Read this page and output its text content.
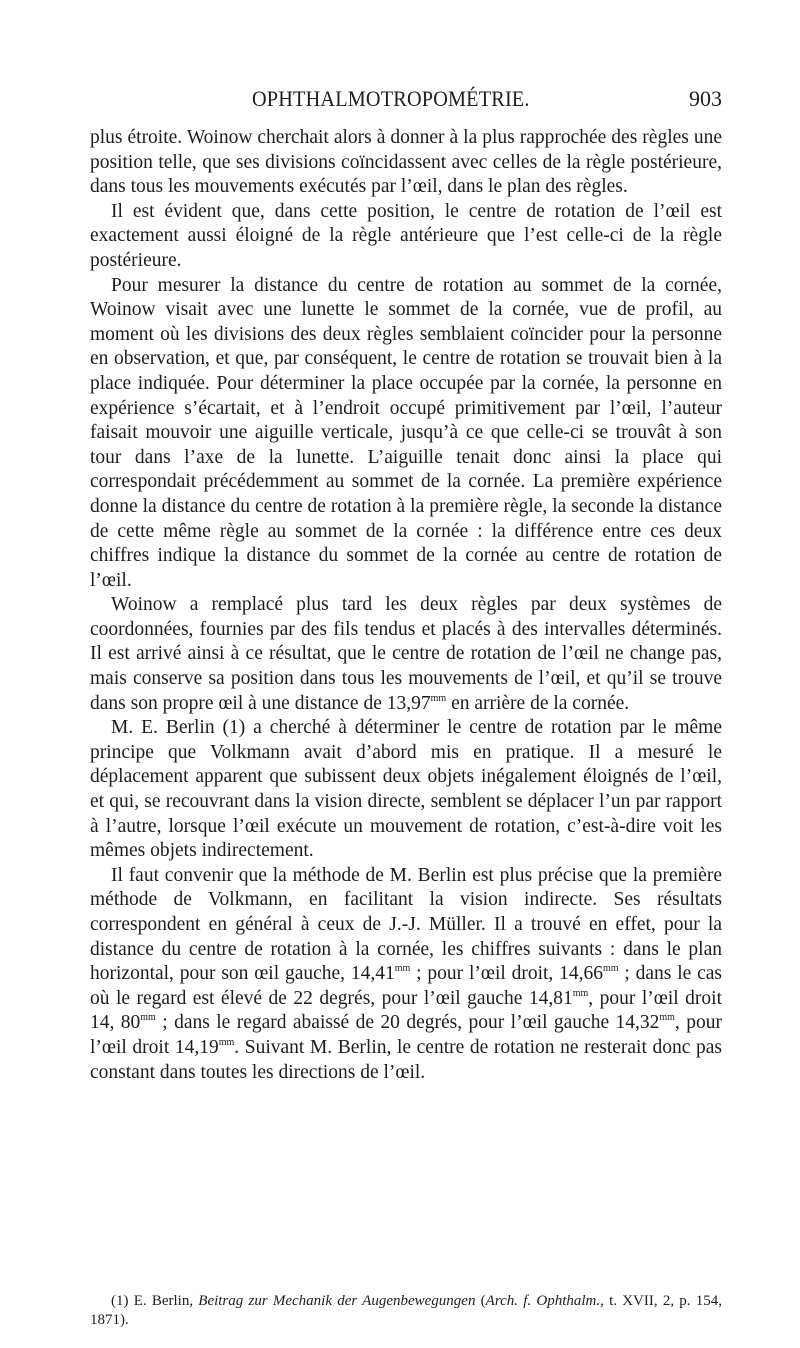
OPHTHALMOTROPOMÉTRIE.	903

plus étroite. Woinow cherchait alors à donner à la plus rapprochée des règles une position telle, que ses divisions coïncidassent avec celles de la règle postérieure, dans tous les mouvements exécutés par l’œil, dans le plan des règles.

Il est évident que, dans cette position, le centre de rotation de l’œil est exactement aussi éloigné de la règle antérieure que l’est celle-ci de la règle postérieure.

Pour mesurer la distance du centre de rotation au sommet de la cornée, Woinow visait avec une lunette le sommet de la cornée, vue de profil, au moment où les divisions des deux règles semblaient coïncider pour la personne en observation, et que, par conséquent, le centre de rotation se trouvait bien à la place indiquée. Pour déterminer la place occupée par la cornée, la personne en expérience s’écartait, et à l’endroit occupé primitivement par l’œil, l’auteur faisait mouvoir une aiguille verticale, jusqu’à ce que celle-ci se trouvât à son tour dans l’axe de la lunette. L’aiguille tenait donc ainsi la place qui correspondait précédemment au sommet de la cornée. La première expérience donne la distance du centre de rotation à la première règle, la seconde la distance de cette même règle au sommet de la cornée : la différence entre ces deux chiffres indique la distance du sommet de la cornée au centre de rotation de l’œil.

Woinow a remplacé plus tard les deux règles par deux systèmes de coordonnées, fournies par des fils tendus et placés à des intervalles déterminés. Il est arrivé ainsi à ce résultat, que le centre de rotation de l’œil ne change pas, mais conserve sa position dans tous les mouvements de l’œil, et qu’il se trouve dans son propre œil à une distance de $13,97^{mm}$ en arrière de la cornée.

M. E. Berlin (1) a cherché à déterminer le centre de rotation par le même principe que Volkmann avait d’abord mis en pratique. Il a mesuré le déplacement apparent que subissent deux objets inégalement éloignés de l’œil, et qui, se recouvrant dans la vision directe, semblent se déplacer l’un par rapport à l’autre, lorsque l’œil exécute un mouvement de rotation, c’est-à-dire voit les mêmes objets indirectement.

Il faut convenir que la méthode de M. Berlin est plus précise que la première méthode de Volkmann, en facilitant la vision indirecte. Ses résultats correspondent en général à ceux de J.-J. Müller. Il a trouvé en effet, pour la distance du centre de rotation à la cornée, les chiffres suivants : dans le plan horizontal, pour son œil gauche, $14,41^{mm}$ ; pour l’œil droit, $14,66^{mm}$ ; dans le cas où le regard est élevé de 22 degrés, pour l’œil gauche $14,81^{mm}$, pour l’œil droit 14, $80^{mm}$ ; dans le regard abaissé de 20 degrés, pour l’œil gauche $14,32^{mm}$, pour l’œil droit $14,19^{mm}$. Suivant M. Berlin, le centre de rotation ne resterait donc pas constant dans toutes les directions de l’œil.

(1) E. Berlin, Beitrag zur Mechanik der Augenbewegungen (Arch. f. Ophthalm., t. XVII, 2, p. 154, 1871).
